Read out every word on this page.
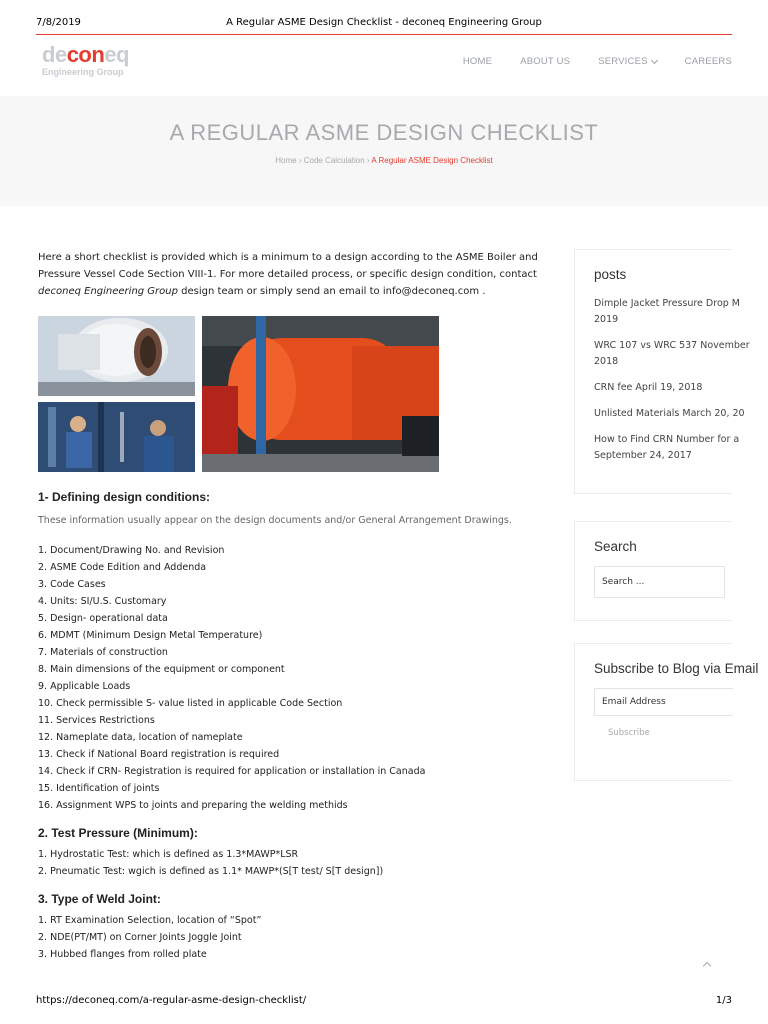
7/8/2019	A Regular ASME Design Checklist - deconeq Engineering Group
deconeq
Engineering Group
HOME	ABOUT US	SERVICES	CAREERS
A REGULAR ASME DESIGN CHECKLIST
Home › Code Calculation › A Regular ASME Design Checklist

Here a short checklist is provided which is a minimum to a design according to the ASME Boiler and Pressure Vessel Code Section VIII-1. For more detailed process, or specific design condition, contact deconeq Engineering Group design team or simply send an email to info@deconeq.com .

1- Defining design conditions:

These information usually appear on the design documents and/or General Arrangement Drawings.

1. Document/Drawing No. and Revision
2. ASME Code Edition and Addenda
3. Code Cases
4. Units: SI/U.S. Customary
5. Design- operational data
6. MDMT (Minimum Design Metal Temperature)
7. Materials of construction
8. Main dimensions of the equipment or component
9. Applicable Loads
10. Check permissible S- value listed in applicable Code Section
11. Services Restrictions
12. Nameplate data, location of nameplate
13. Check if National Board registration is required
14. Check if CRN- Registration is required for application or installation in Canada
15. Identification of joints
16. Assignment WPS to joints and preparing the welding methids
2. Test Pressure (Minimum):
1. Hydrostatic Test: which is defined as 1.3*MAWP*LSR
2. Pneumatic Test: wgich is defined as 1.1* MAWP*(S[T test/ S[T design])
3. Type of Weld Joint:
1. RT Examination Selection, location of “Spot”
2. NDE(PT/MT) on Corner Joints Joggle Joint
3. Hubbed flanges from rolled plate
posts
Dimple Jacket Pressure Drop M
2019
WRC 107 vs WRC 537 November
2018
CRN fee April 19, 2018
Unlisted Materials March 20, 20
How to Find CRN Number for a
September 24, 2017
Search
Search ...
Subscribe to Blog via Email
Email Address
Subscribe
https://deconeq.com/a-regular-asme-design-checklist/	1/3
